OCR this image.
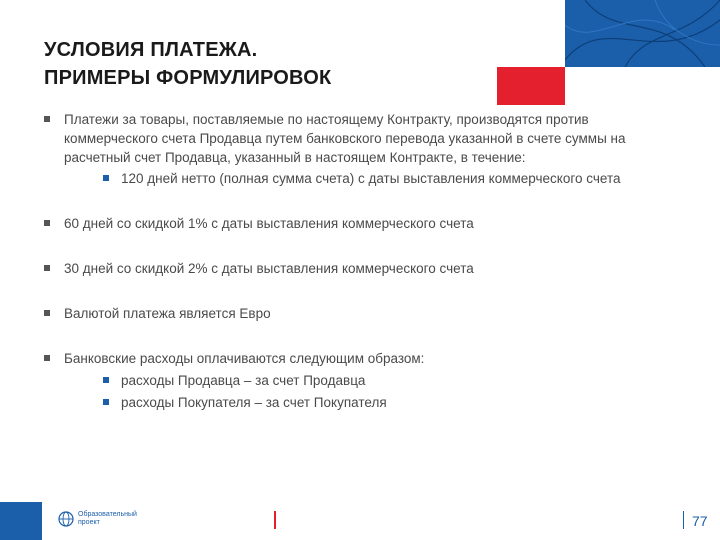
УСЛОВИЯ ПЛАТЕЖА.
ПРИМЕРЫ ФОРМУЛИРОВОК
Платежи за товары, поставляемые по настоящему Контракту, производятся против коммерческого счета Продавца путем банковского перевода указанной в счете суммы на расчетный счет Продавца, указанный в настоящем Контракте, в течение:
120 дней нетто (полная сумма счета) с даты выставления коммерческого счета
60 дней со скидкой 1% с даты выставления коммерческого счета
30 дней со скидкой 2% с даты выставления коммерческого счета
Валютой платежа является Евро
Банковские расходы оплачиваются следующим образом:
расходы Продавца – за счет Продавца
расходы Покупателя – за счет Покупателя
Образовательный
проект	77
